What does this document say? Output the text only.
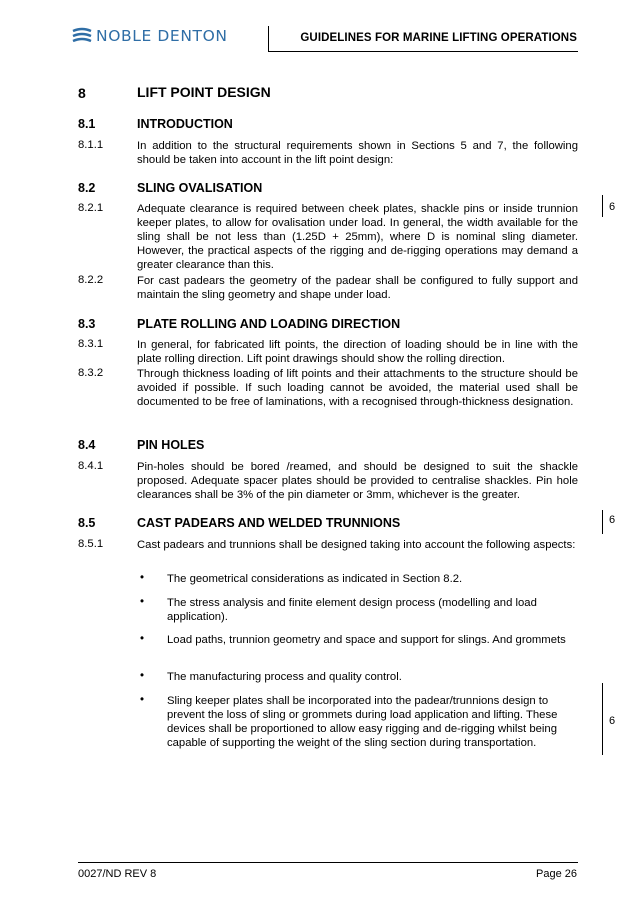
NOBLE DENTON	GUIDELINES FOR MARINE LIFTING OPERATIONS
8	LIFT POINT DESIGN
8.1	INTRODUCTION
8.1.1	In addition to the structural requirements shown in Sections 5 and 7, the following should be taken into account in the lift point design:
8.2	SLING OVALISATION
8.2.1	Adequate clearance is required between cheek plates, shackle pins or inside trunnion keeper plates, to allow for ovalisation under load. In general, the width available for the sling shall be not less than (1.25D + 25mm), where D is nominal sling diameter. However, the practical aspects of the rigging and de-rigging operations may demand a greater clearance than this.
8.2.2	For cast padears the geometry of the padear shall be configured to fully support and maintain the sling geometry and shape under load.
8.3	PLATE ROLLING AND LOADING DIRECTION
8.3.1	In general, for fabricated lift points, the direction of loading should be in line with the plate rolling direction. Lift point drawings should show the rolling direction.
8.3.2	Through thickness loading of lift points and their attachments to the structure should be avoided if possible. If such loading cannot be avoided, the material used shall be documented to be free of laminations, with a recognised through-thickness designation.
8.4	PIN HOLES
8.4.1	Pin-holes should be bored /reamed, and should be designed to suit the shackle proposed. Adequate spacer plates should be provided to centralise shackles. Pin hole clearances shall be 3% of the pin diameter or 3mm, whichever is the greater.
8.5	CAST PADEARS AND WELDED TRUNNIONS
8.5.1	Cast padears and trunnions shall be designed taking into account the following aspects:
• The geometrical considerations as indicated in Section 8.2.
• The stress analysis and finite element design process (modelling and load application).
• Load paths, trunnion geometry and space and support for slings. And grommets
• The manufacturing process and quality control.
• Sling keeper plates shall be incorporated into the padear/trunnions design to prevent the loss of sling or grommets during load application and lifting. These devices shall be proportioned to allow easy rigging and de-rigging whilst being capable of supporting the weight of the sling section during transportation.
6
6
6
0027/ND REV 8	Page 26
